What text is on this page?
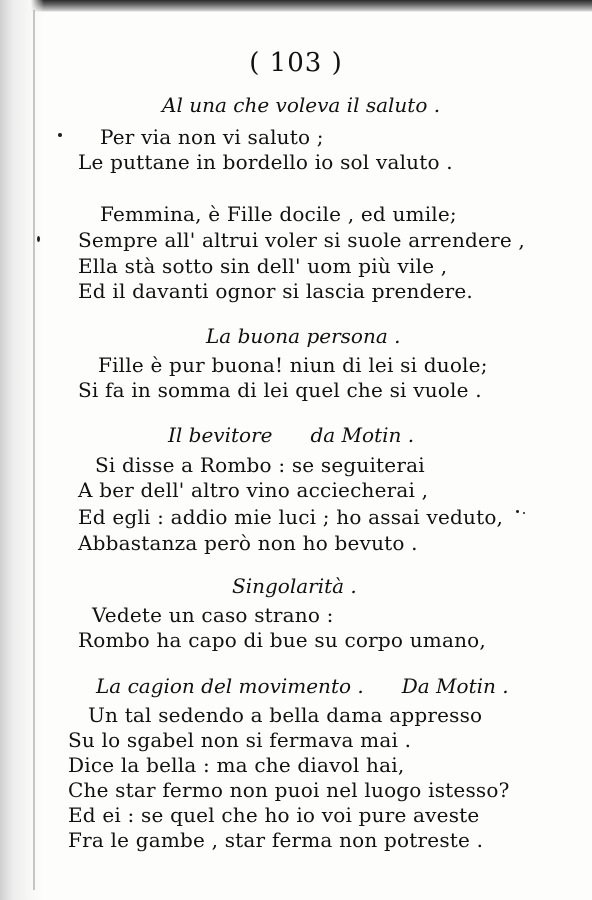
( 103 )
Al una che voleva il saluto .
Per via non vi saluto ;
Le puttane in bordello io sol valuto .
Femmina, è Fille docile , ed umile;
Sempre all' altrui voler si suole arrendere ,
Ella stà sotto sin dell' uom più vile ,
Ed il davanti ognor si lascia prendere.
La buona persona .
Fille è pur buona! niun di lei si duole;
Si fa in somma di lei quel che si vuole .
Il bevitore da Motin .
Si disse a Rombo : se seguiterai
A ber dell' altro vino acciecherai ,
Ed egli : addio mie luci ; ho assai veduto,
Abbastanza però non ho bevuto .
Singolarità .
Vedete un caso strano :
Rombo ha capo di bue su corpo umano,
La cagion del movimento . Da Motin .
Un tal sedendo a bella dama appresso
Su lo sgabel non si fermava mai .
Dice la bella : ma che diavol hai,
Che star fermo non puoi nel luogo istesso?
Ed ei : se quel che ho io voi pure aveste
Fra le gambe , star ferma non potreste .
